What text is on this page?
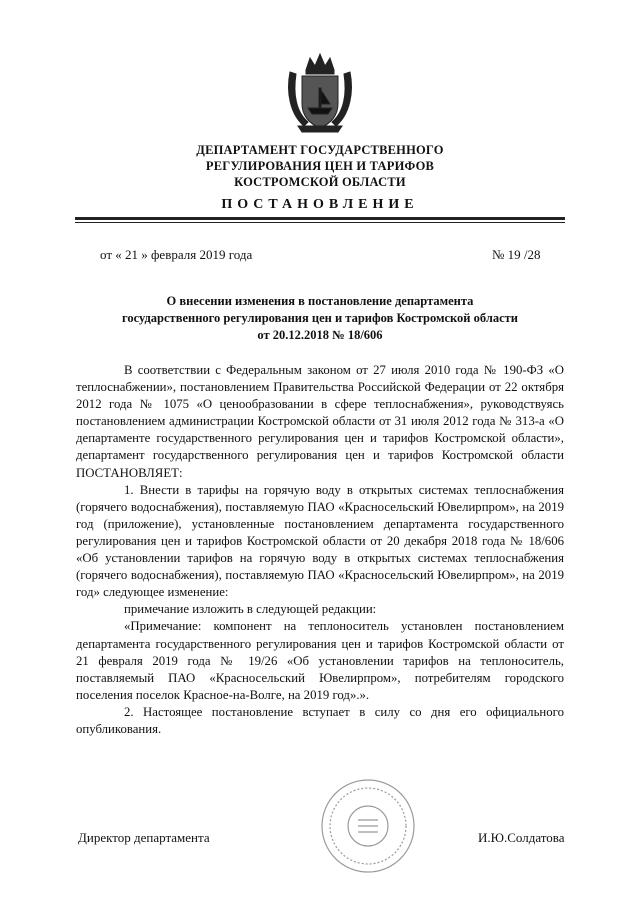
ДЕПАРТАМЕНТ ГОСУДАРСТВЕННОГО
РЕГУЛИРОВАНИЯ ЦЕН И ТАРИФОВ
КОСТРОМСКОЙ ОБЛАСТИ
ПОСТАНОВЛЕНИЕ
от « 21 » февраля 2019 года	№ 19 /28
О внесении изменения в постановление департамента
государственного регулирования цен и тарифов Костромской области
от 20.12.2018 № 18/606

В соответствии с Федеральным законом от 27 июля 2010 года № 190-ФЗ «О теплоснабжении», постановлением Правительства Российской Федерации от 22 октября 2012 года № 1075 «О ценообразовании в сфере теплоснабжения», руководствуясь постановлением администрации Костромской области от 31 июля 2012 года № 313-а «О департаменте государственного регулирования цен и тарифов Костромской области», департамент государственного регулирования цен и тарифов Костромской области ПОСТАНОВЛЯЕТ:

1. Внести в тарифы на горячую воду в открытых системах теплоснабжения (горячего водоснабжения), поставляемую ПАО «Красносельский Ювелирпром», на 2019 год (приложение), установленные постановлением департамента государственного регулирования цен и тарифов Костромской области от 20 декабря 2018 года № 18/606 «Об установлении тарифов на горячую воду в открытых системах теплоснабжения (горячего водоснабжения), поставляемую ПАО «Красносельский Ювелирпром», на 2019 год» следующее изменение:

примечание изложить в следующей редакции:

«Примечание: компонент на теплоноситель установлен постановлением департамента государственного регулирования цен и тарифов Костромской области от 21 февраля 2019 года № 19/26 «Об установлении тарифов на теплоноситель, поставляемый ПАО «Красносельский Ювелирпром», потребителям городского поселения поселок Красное-на-Волге, на 2019 год».».

2. Настоящее постановление вступает в силу со дня его официального опубликования.

Директор департамента	И.Ю.Солдатова
